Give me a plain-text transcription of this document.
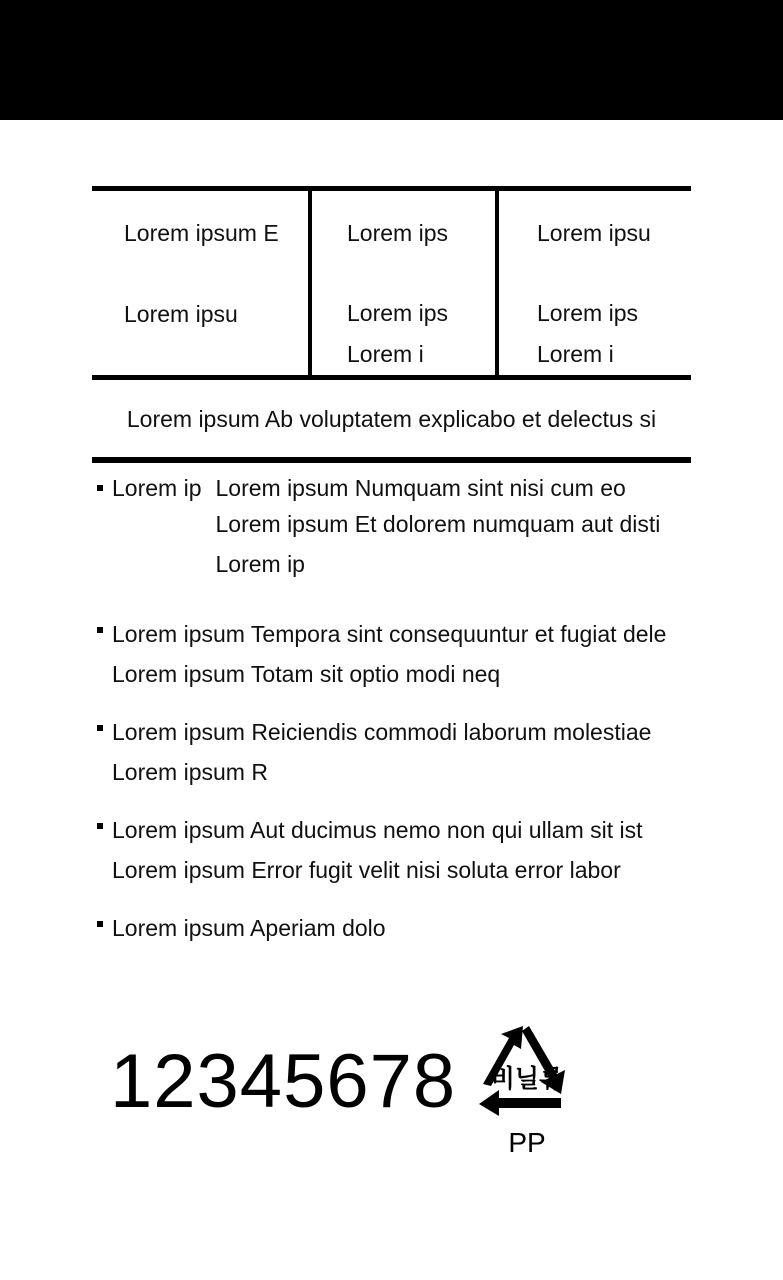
Lorem ipsum E
Lorem ipsu
Lorem ips
Lorem ips
Lorem i
Lorem ipsu
Lorem ips
Lorem i
Lorem ipsum Ab voluptatem explicabo et delectus si
Lorem ip Lorem ipsum Numquam sint nisi cum eo
Lorem ipsum Et dolorem numquam aut disti
Lorem ip
Lorem ipsum Tempora sint consequuntur et fugiat dele
Lorem ipsum Totam sit optio modi neq
Lorem ipsum Reiciendis commodi laborum molestiae
Lorem ipsum R
Lorem ipsum Aut ducimus nemo non qui ullam sit ist
Lorem ipsum Error fugit velit nisi soluta error labor
Lorem ipsum Aperiam dolo
12345678	비닐류
PP
